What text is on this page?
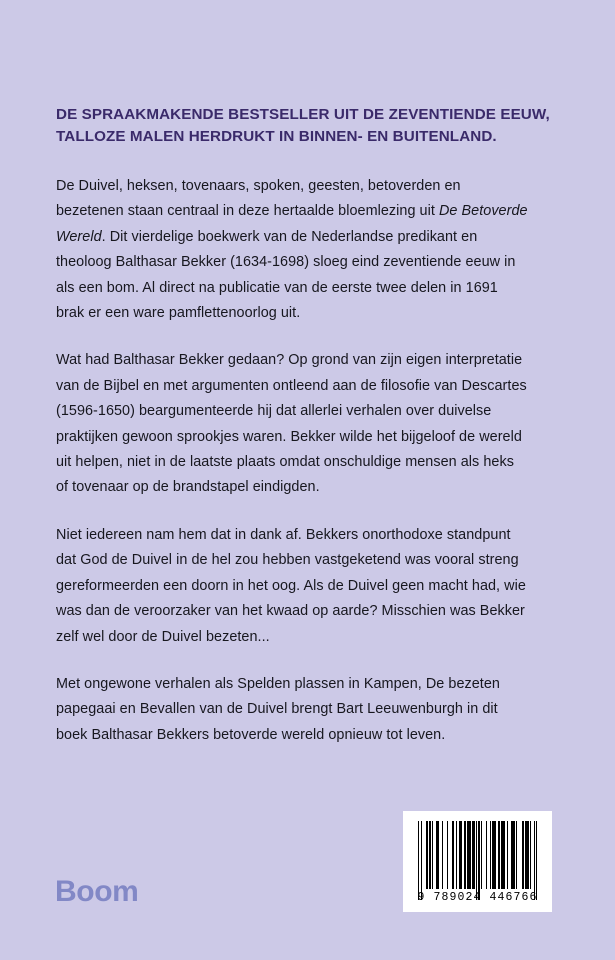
DE SPRAAKMAKENDE BESTSELLER UIT DE ZEVENTIENDE EEUW,
TALLOZE MALEN HERDRUKT IN BINNEN- EN BUITENLAND.

De Duivel, heksen, tovenaars, spoken, geesten, betoverden en bezetenen staan centraal in deze hertaalde bloemlezing uit De Betoverde Wereld. Dit vierdelige boekwerk van de Nederlandse predikant en theoloog Balthasar Bekker (1634-1698) sloeg eind zeventiende eeuw in als een bom. Al direct na publicatie van de eerste twee delen in 1691 brak er een ware pamflettenoorlog uit.

Wat had Balthasar Bekker gedaan? Op grond van zijn eigen interpretatie van de Bijbel en met argumenten ontleend aan de filosofie van Descartes (1596-1650) beargumenteerde hij dat allerlei verhalen over duivelse praktijken gewoon sprookjes waren. Bekker wilde het bijgeloof de wereld uit helpen, niet in de laatste plaats omdat onschuldige mensen als heks of tovenaar op de brandstapel eindigden.

Niet iedereen nam hem dat in dank af. Bekkers onorthodoxe standpunt dat God de Duivel in de hel zou hebben vastgeketend was vooral streng gereformeerden een doorn in het oog. Als de Duivel geen macht had, wie was dan de veroorzaker van het kwaad op aarde? Misschien was Bekker zelf wel door de Duivel bezeten...

Met ongewone verhalen als Spelden plassen in Kampen, De bezeten papegaai en Bevallen van de Duivel brengt Bart Leeuwenburgh in dit boek Balthasar Bekkers betoverde wereld opnieuw tot leven.

Boom	9 789024 446766
